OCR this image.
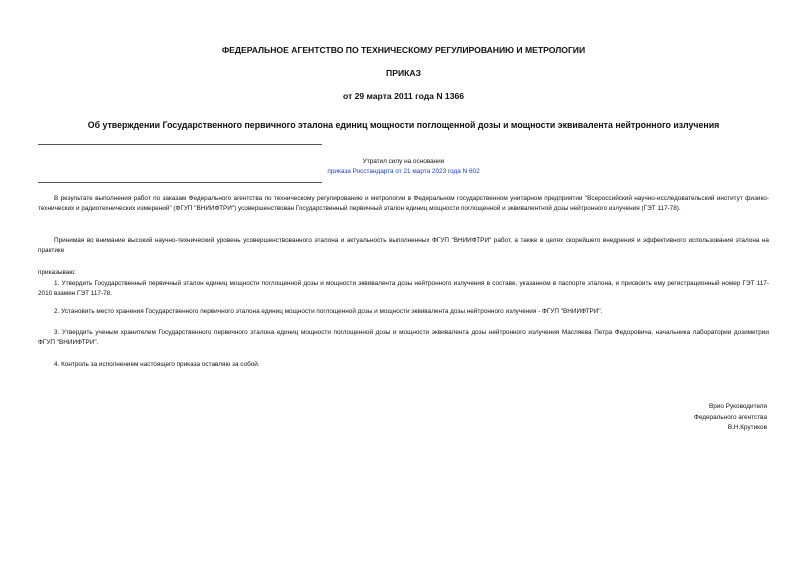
ФЕДЕРАЛЬНОЕ АГЕНТСТВО ПО ТЕХНИЧЕСКОМУ РЕГУЛИРОВАНИЮ И МЕТРОЛОГИИ
ПРИКАЗ
от 29 марта 2011 года N 1366
Об утверждении Государственного первичного эталона единиц мощности поглощенной дозы и мощности эквивалента нейтронного излучения
Утратил силу на основании
приказа Росстандарта от 21 марта 2023 года N 602

В результате выполнения работ по заказам Федерального агентства по техническому регулированию и метрологии в Федеральном государственном унитарном предприятии "Всероссийский научно-исследовательский институт физико-технических и радиотехнических измерений" (ФГУП "ВНИИФТРИ") усовершенствован Государственный первичный эталон единиц мощности поглощенной и эквивалентной дозы нейтронного излучения (ГЭТ 117-78).

Принимая во внимание высокий научно-технический уровень усовершенствованного эталона и актуальность выполненных ФГУП "ВНИИФТРИ" работ, а также в целях скорейшего внедрения и эффективного использования эталона на практике

приказываю:

1. Утвердить Государственный первичный эталон единиц мощности поглощенной дозы и мощности эквивалента дозы нейтронного излучения в составе, указанном в паспорте эталона, и присвоить ему регистрационный номер ГЭТ 117-2010 взамен ГЭТ 117-78.

2. Установить место хранения Государственного первичного эталона единиц мощности поглощенной дозы и мощности эквивалента дозы нейтронного излучения - ФГУП "ВНИИФТРИ".

3. Утвердить ученым хранителем Государственного первичного эталона единиц мощности поглощенной дозы и мощности эквивалента дозы нейтронного излучения Масляева Петра Федоровича, начальника лаборатории дозиметрии ФГУП "ВНИИФТРИ".

4. Контроль за исполнением настоящего приказа оставляю за собой.

Врио Руководителя
Федерального агентства
В.Н.Крутиков
